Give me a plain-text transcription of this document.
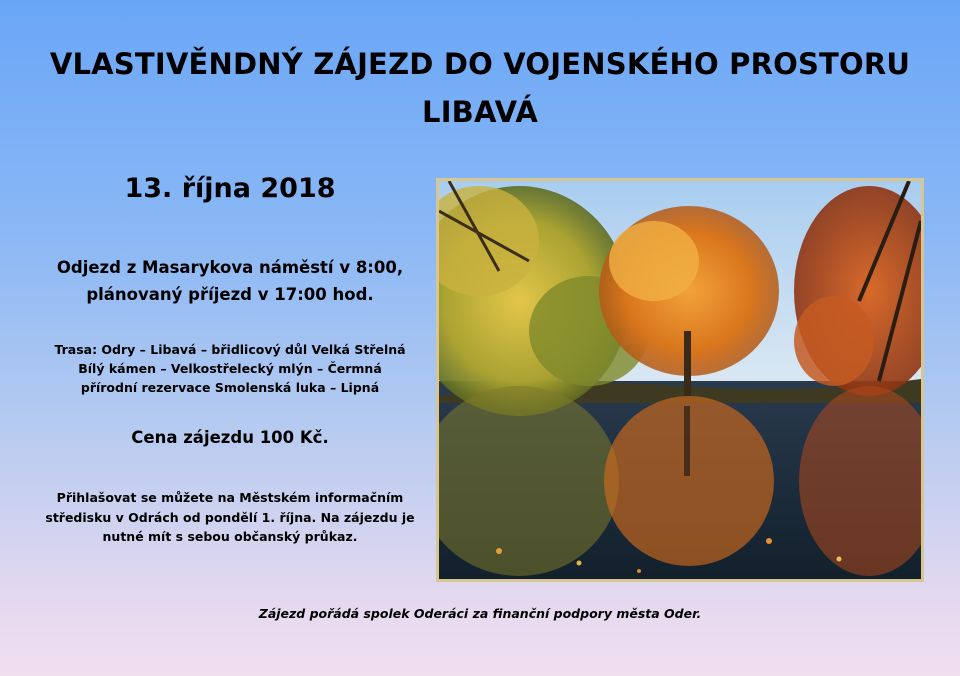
VLASTIVĚNDNÝ ZÁJEZD DO VOJENSKÉHO PROSTORU
LIBAVÁ
13. října 2018
Odjezd z Masarykova náměstí v 8:00,
plánovaný příjezd v 17:00 hod.
Trasa: Odry – Libavá – břidlicový důl Velká Střelná
Bílý kámen – Velkostřelecký mlýn – Čermná
přírodní rezervace Smolenská luka – Lipná
Cena zájezdu 100 Kč.
Přihlašovat se můžete na Městském informačním
středisku v Odrách od pondělí 1. října. Na zájezdu je
nutné mít s sebou občanský průkaz.
Zájezd pořádá spolek Oderáci za finanční podpory města Oder.
